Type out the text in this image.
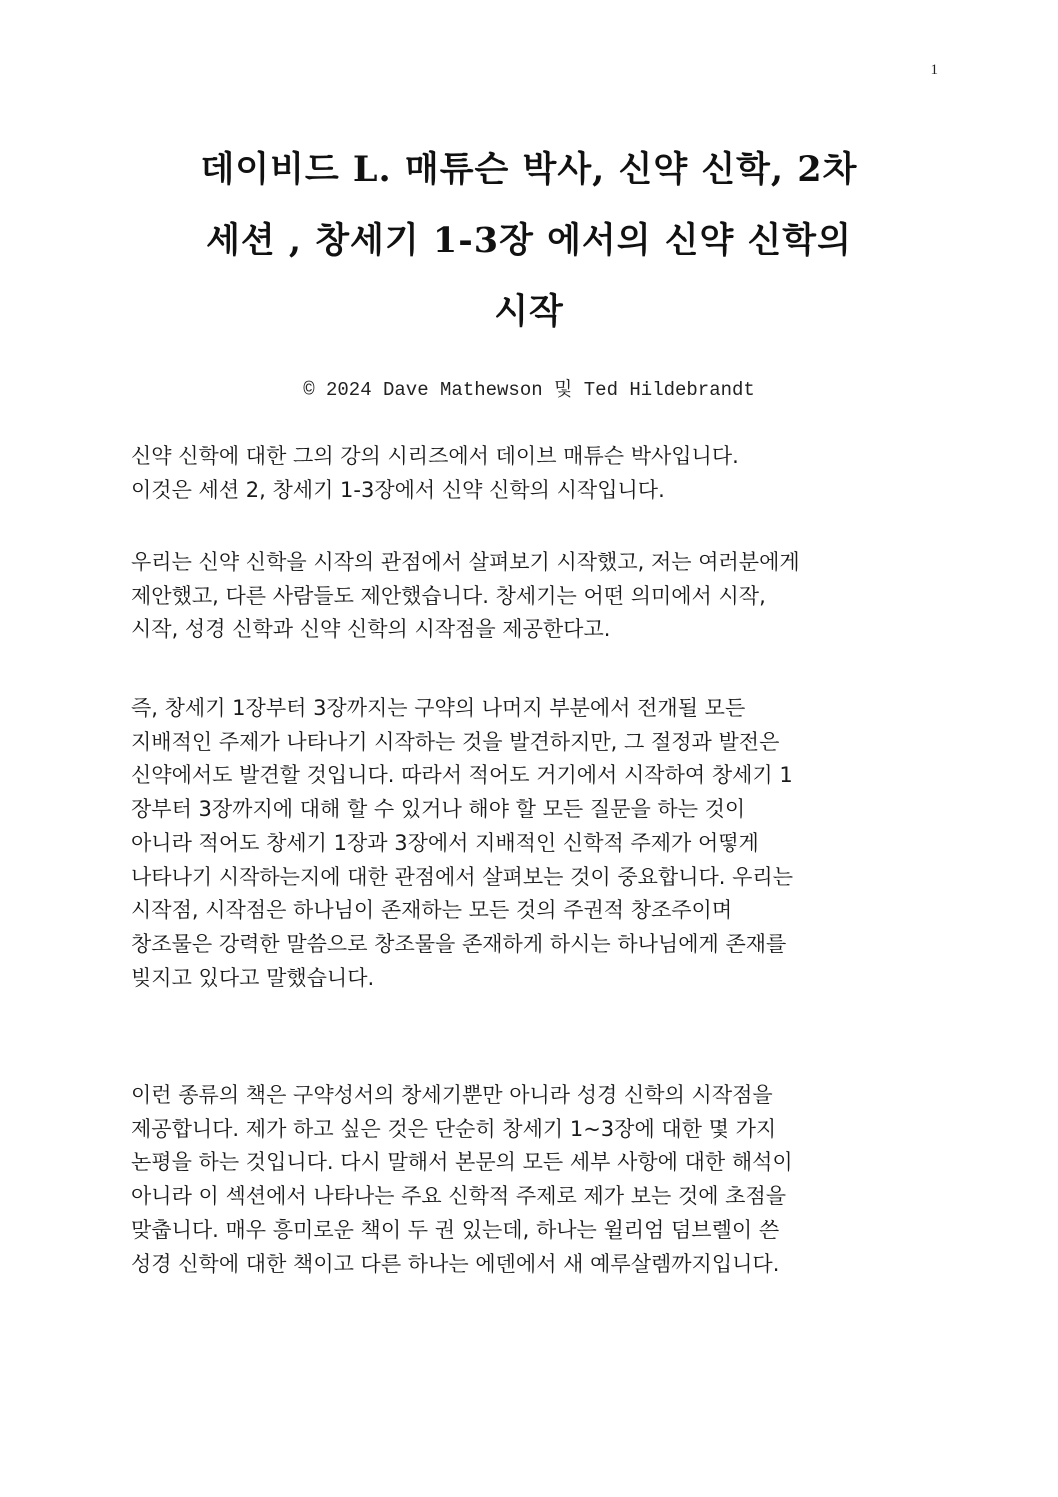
1
데이비드 L. 매튜슨 박사, 신약 신학, 2차
세션 , 창세기 1-3장 에서의 신약 신학의
시작
© 2024 Dave Mathewson 및 Ted Hildebrandt

신약 신학에 대한 그의 강의 시리즈에서 데이브 매튜슨 박사입니다.
이것은 세션 2, 창세기 1-3장에서 신약 신학의 시작입니다.

우리는 신약 신학을 시작의 관점에서 살펴보기 시작했고, 저는 여러분에게
제안했고, 다른 사람들도 제안했습니다. 창세기는 어떤 의미에서 시작,
시작, 성경 신학과 신약 신학의 시작점을 제공한다고.

즉, 창세기 1장부터 3장까지는 구약의 나머지 부분에서 전개될 모든
지배적인 주제가 나타나기 시작하는 것을 발견하지만, 그 절정과 발전은
신약에서도 발견할 것입니다. 따라서 적어도 거기에서 시작하여 창세기 1
장부터 3장까지에 대해 할 수 있거나 해야 할 모든 질문을 하는 것이
아니라 적어도 창세기 1장과 3장에서 지배적인 신학적 주제가 어떻게
나타나기 시작하는지에 대한 관점에서 살펴보는 것이 중요합니다. 우리는
시작점, 시작점은 하나님이 존재하는 모든 것의 주권적 창조주이며
창조물은 강력한 말씀으로 창조물을 존재하게 하시는 하나님에게 존재를
빚지고 있다고 말했습니다.

이런 종류의 책은 구약성서의 창세기뿐만 아니라 성경 신학의 시작점을
제공합니다. 제가 하고 싶은 것은 단순히 창세기 1~3장에 대한 몇 가지
논평을 하는 것입니다. 다시 말해서 본문의 모든 세부 사항에 대한 해석이
아니라 이 섹션에서 나타나는 주요 신학적 주제로 제가 보는 것에 초점을
맞춥니다. 매우 흥미로운 책이 두 권 있는데, 하나는 윌리엄 덤브렐이 쓴
성경 신학에 대한 책이고 다른 하나는 에덴에서 새 예루살렘까지입니다.
